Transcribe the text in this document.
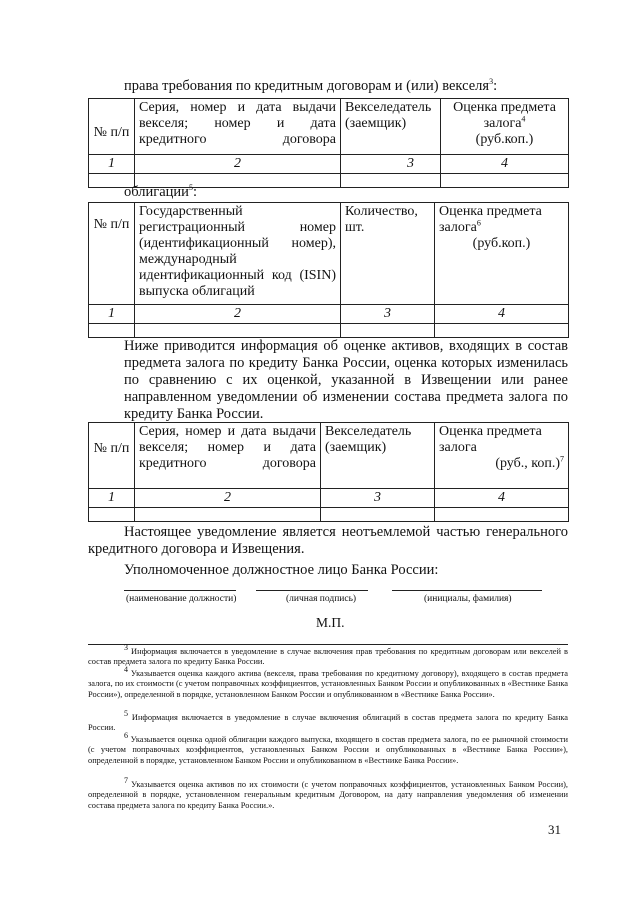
права требования по кредитным договорам и (или) векселя$^3$:
№ п/п	Серия, номер и дата выдачи векселя; номер и дата кредитного договора	Векселедатель (заемщик)	Оценка предмета залога$^4$
(руб.коп.)
1	2	3	4

облигации$^5$:
№ п/п	Государственный регистрационный номер (идентификационный номер), международный идентификационный код (ISIN) выпуска облигаций	Количество, шт.	Оценка предмета залога$^6$

(руб.коп.)

1	2	3	4

Ниже приводится информация об оценке активов, входящих в состав предмета залога по кредиту Банка России, оценка которых изменилась по сравнению с их оценкой, указанной в Извещении или ранее направленном уведомлении об изменении состава предмета залога по кредиту Банка России.
№ п/п	Серия, номер и дата выдачи векселя; номер и дата кредитного договора	Векселедатель (заемщик)	Оценка предмета залога

(руб., коп.)$^7$

1	2	3	4

Настоящее уведомление является неотъемлемой частью генерального кредитного договора и Извещения.
Уполномоченное должностное лицо Банка России:
(наименование должности)	(личная подпись)	(инициалы, фамилия)
М.П.
$^3$ Информация включается в уведомление в случае включения прав требования по кредитным договорам или векселей в состав предмета залога по кредиту Банка России.
$^4$ Указывается оценка каждого актива (векселя, права требования по кредитному договору), входящего в состав предмета залога, по их стоимости (с учетом поправочных коэффициентов, установленных Банком России и опубликованных в «Вестнике Банка России»), определенной в порядке, установленном Банком России и опубликованном в «Вестнике Банка России».
$^5$ Информация включается в уведомление в случае включения облигаций в состав предмета залога по кредиту Банка России.
$^6$ Указывается оценка одной облигации каждого выпуска, входящего в состав предмета залога, по ее рыночной стоимости (с учетом поправочных коэффициентов, установленных Банком России и опубликованных в «Вестнике Банка России»), определенной в порядке, установленном Банком России и опубликованном в «Вестнике Банка России».
$^7$ Указывается оценка активов по их стоимости (с учетом поправочных коэффициентов, установленных Банком России), определенной в порядке, установленном генеральным кредитным Договором, на дату направления уведомления об изменении состава предмета залога по кредиту Банка России.».
31
